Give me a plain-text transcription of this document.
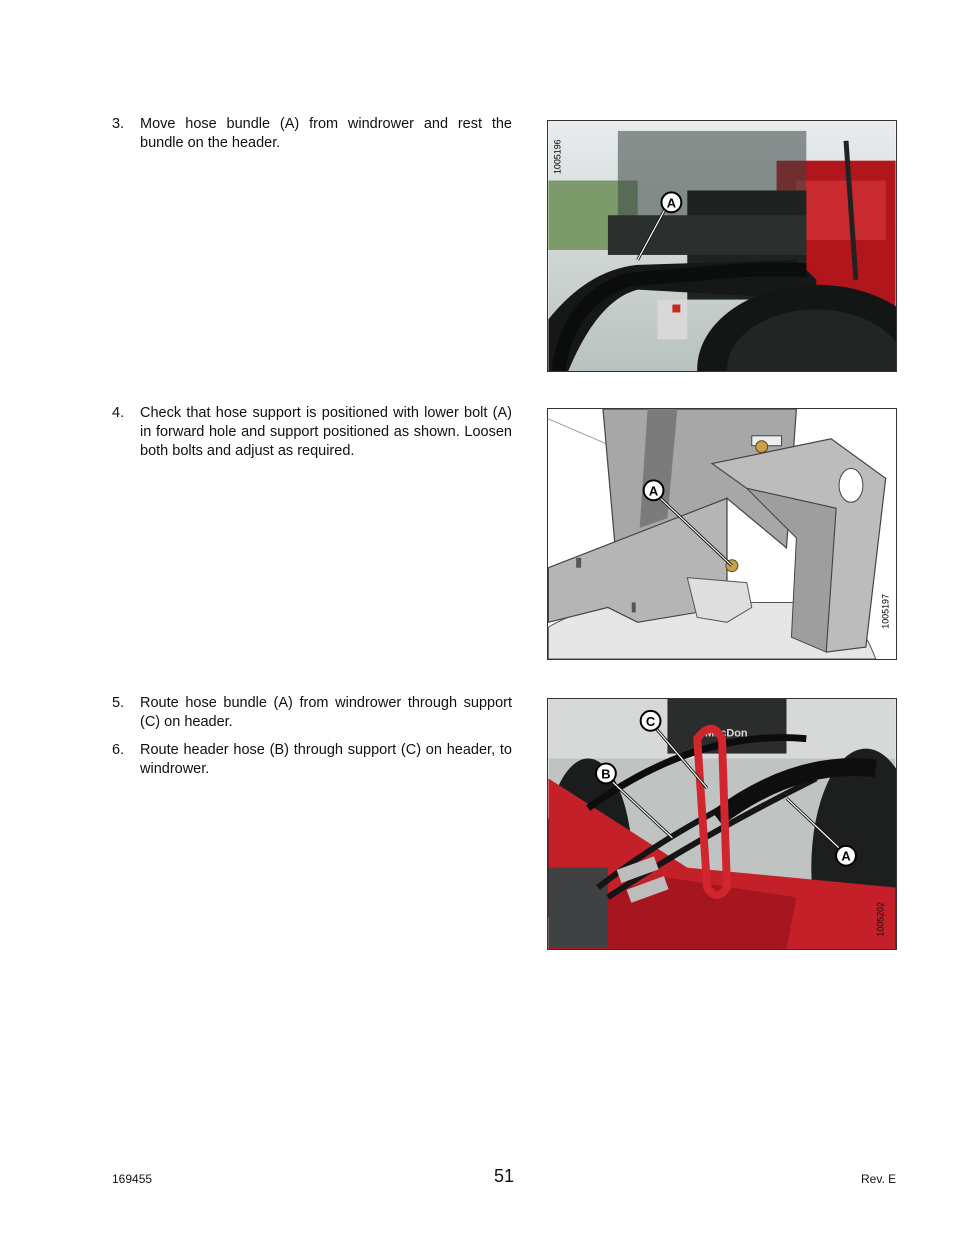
3. Move hose bundle (A) from windrower and rest the bundle on the header.
4. Check that hose support is positioned with lower bolt (A) in forward hole and support positioned as shown. Loosen both bolts and adjust as required.
5. Route hose bundle (A) from windrower through support (C) on header.
6. Route header hose (B) through support (C) on header, to windrower.
A
1005196
A
1005197
MacDon
C
B
A
1005202
169455	51	Rev. E
